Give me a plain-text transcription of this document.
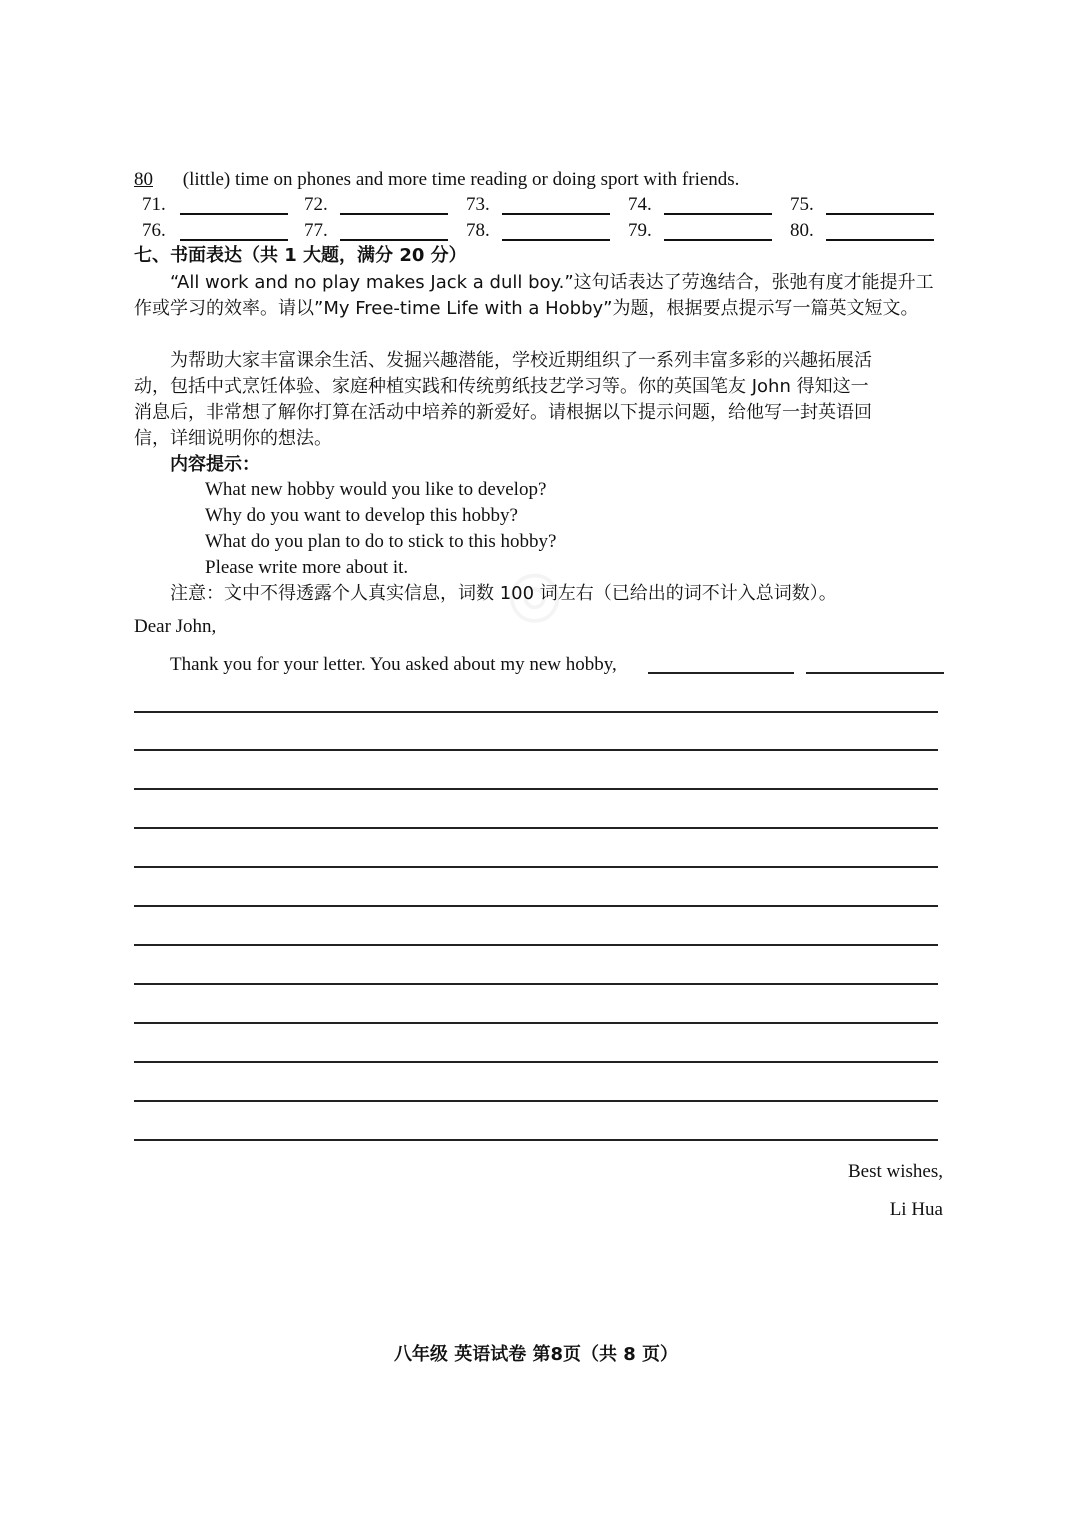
◎
80 (little) time on phones and more time reading or doing sport with friends.
71.	72.	73.	74.	75.
76.	77.	78.	79.	80.
七、书面表达（共 1 大题，满分 20 分）
“All work and no play makes Jack a dull boy.”这句话表达了劳逸结合，张弛有度才能提升工
作或学习的效率。请以”My Free-time Life with a Hobby”为题，根据要点提示写一篇英文短文。
为帮助大家丰富课余生活、发掘兴趣潜能，学校近期组织了一系列丰富多彩的兴趣拓展活
动，包括中式烹饪体验、家庭种植实践和传统剪纸技艺学习等。你的英国笔友 John 得知这一
消息后，非常想了解你打算在活动中培养的新爱好。请根据以下提示问题，给他写一封英语回
信，详细说明你的想法。
内容提示：
What new hobby would you like to develop?
Why do you want to develop this hobby?
What do you plan to do to stick to this hobby?
Please write more about it.
注意：文中不得透露个人真实信息，词数 100 词左右（已给出的词不计入总词数）。
Dear John,
Thank you for your letter. You asked about my new hobby,
Best wishes,
Li Hua
八年级 英语试卷 第8页（共 8 页）
